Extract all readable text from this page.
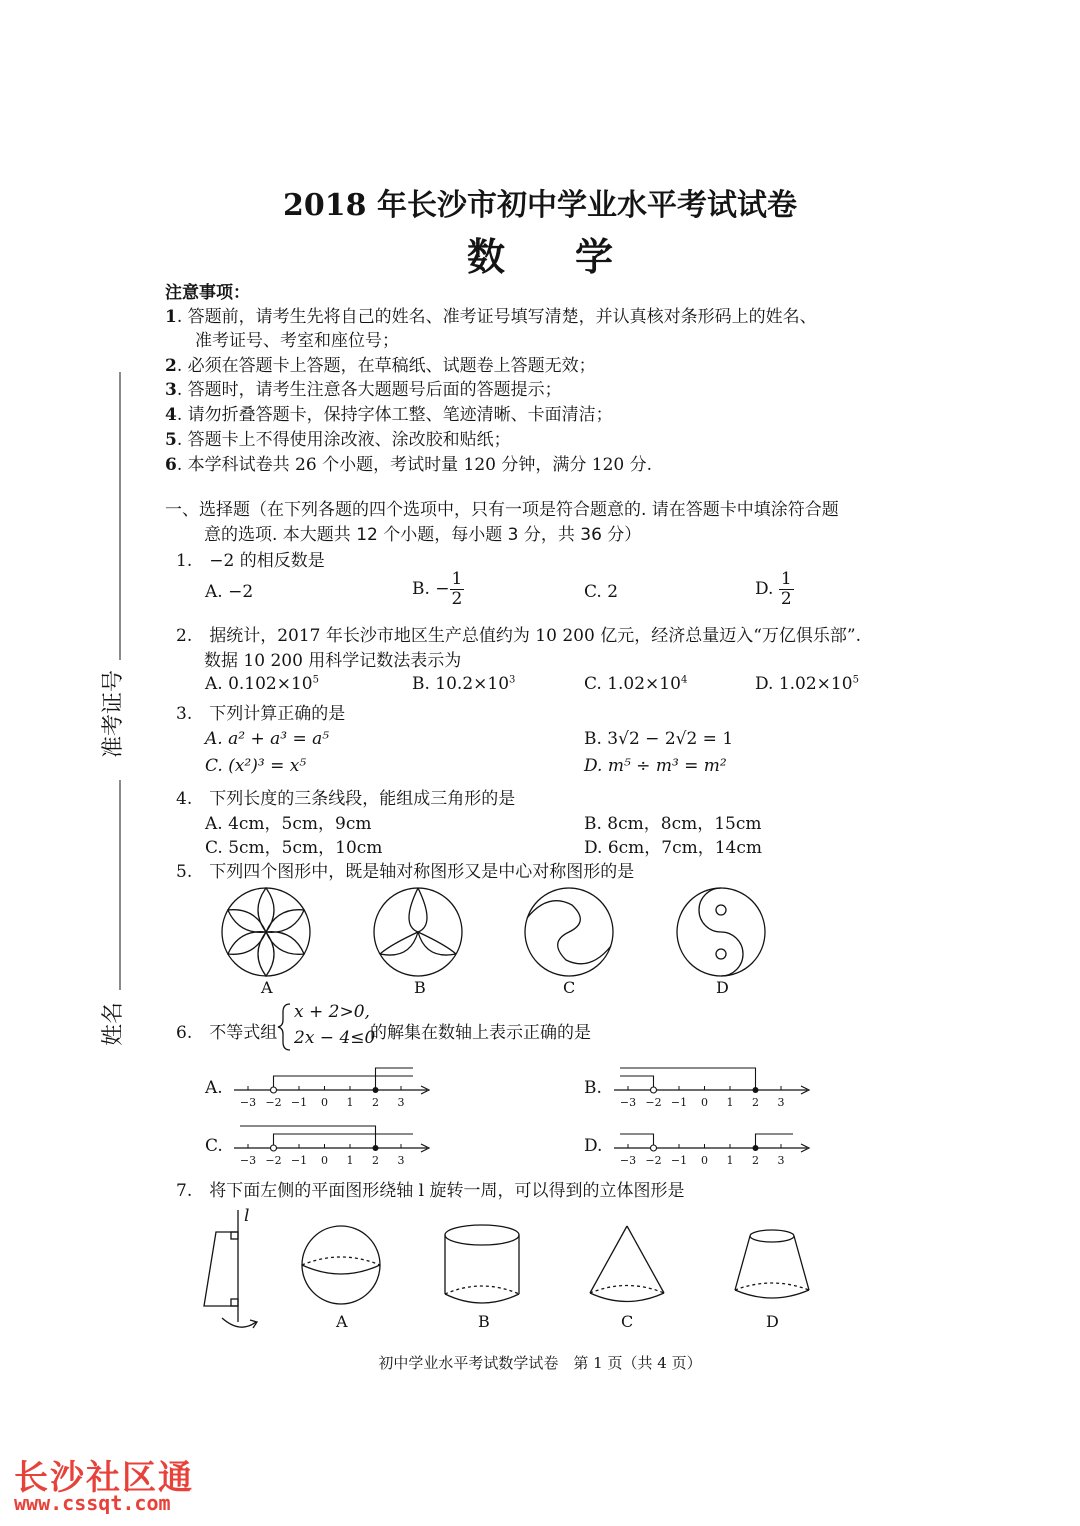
2018 年长沙市初中学业水平考试试卷
数学
注意事项：
1. 答题前，请考生先将自己的姓名、准考证号填写清楚，并认真核对条形码上的姓名、
准考证号、考室和座位号；
2. 必须在答题卡上答题，在草稿纸、试题卷上答题无效；
3. 答题时，请考生注意各大题题号后面的答题提示；
4. 请勿折叠答题卡，保持字体工整、笔迹清晰、卡面清洁；
5. 答题卡上不得使用涂改液、涂改胶和贴纸；
6. 本学科试卷共 26 个小题，考试时量 120 分钟，满分 120 分.
准考证号
姓名
一、选择题（在下列各题的四个选项中，只有一项是符合题意的. 请在答题卡中填涂符合题
意的选项. 本大题共 12 个小题，每小题 3 分，共 36 分）
1.　 −2 的相反数是
A. −2	B. − $\frac{1}{2}$	C. 2	D. $\frac{1}{2}$
2.　 据统计，2017 年长沙市地区生产总值约为 10 200 亿元，经济总量迈入“万亿俱乐部”.
数据 10 200 用科学记数法表示为
A. $0.102\times 10^5$	B. $10.2\times 10^3$	C. $1.02\times 10^4$	D. $1.02\times 10^5$
3.　 下列计算正确的是
A. a² + a³ = a⁵	B. 3√2 − 2√2 = 1
C. (x²)³ = x⁵	D. m⁵ ÷ m³ = m²
4.　 下列长度的三条线段，能组成三角形的是
A. 4cm，5cm，9cm	B. 8cm，8cm，15cm
C. 5cm，5cm，10cm	D. 6cm，7cm，14cm
5.　 下列四个图形中，既是轴对称图形又是中心对称图形的是
A	B	C	D
6.　 不等式组
x + 2>0,
2x − 4≤0
的解集在数轴上表示正确的是
A.	B.
C.	D.
−3 −2 −1 0 1 2 3	−3 −2 −1 0 1 2 3
−3 −2 −1 0 1 2 3	−3 −2 −1 0 1 2 3
7.　 将下面左侧的平面图形绕轴 l 旋转一周，可以得到的立体图形是
l
A	B	C	D
初中学业水平考试数学试卷　第 1 页（共 4 页）
长沙社区通
www.cssqt.com
